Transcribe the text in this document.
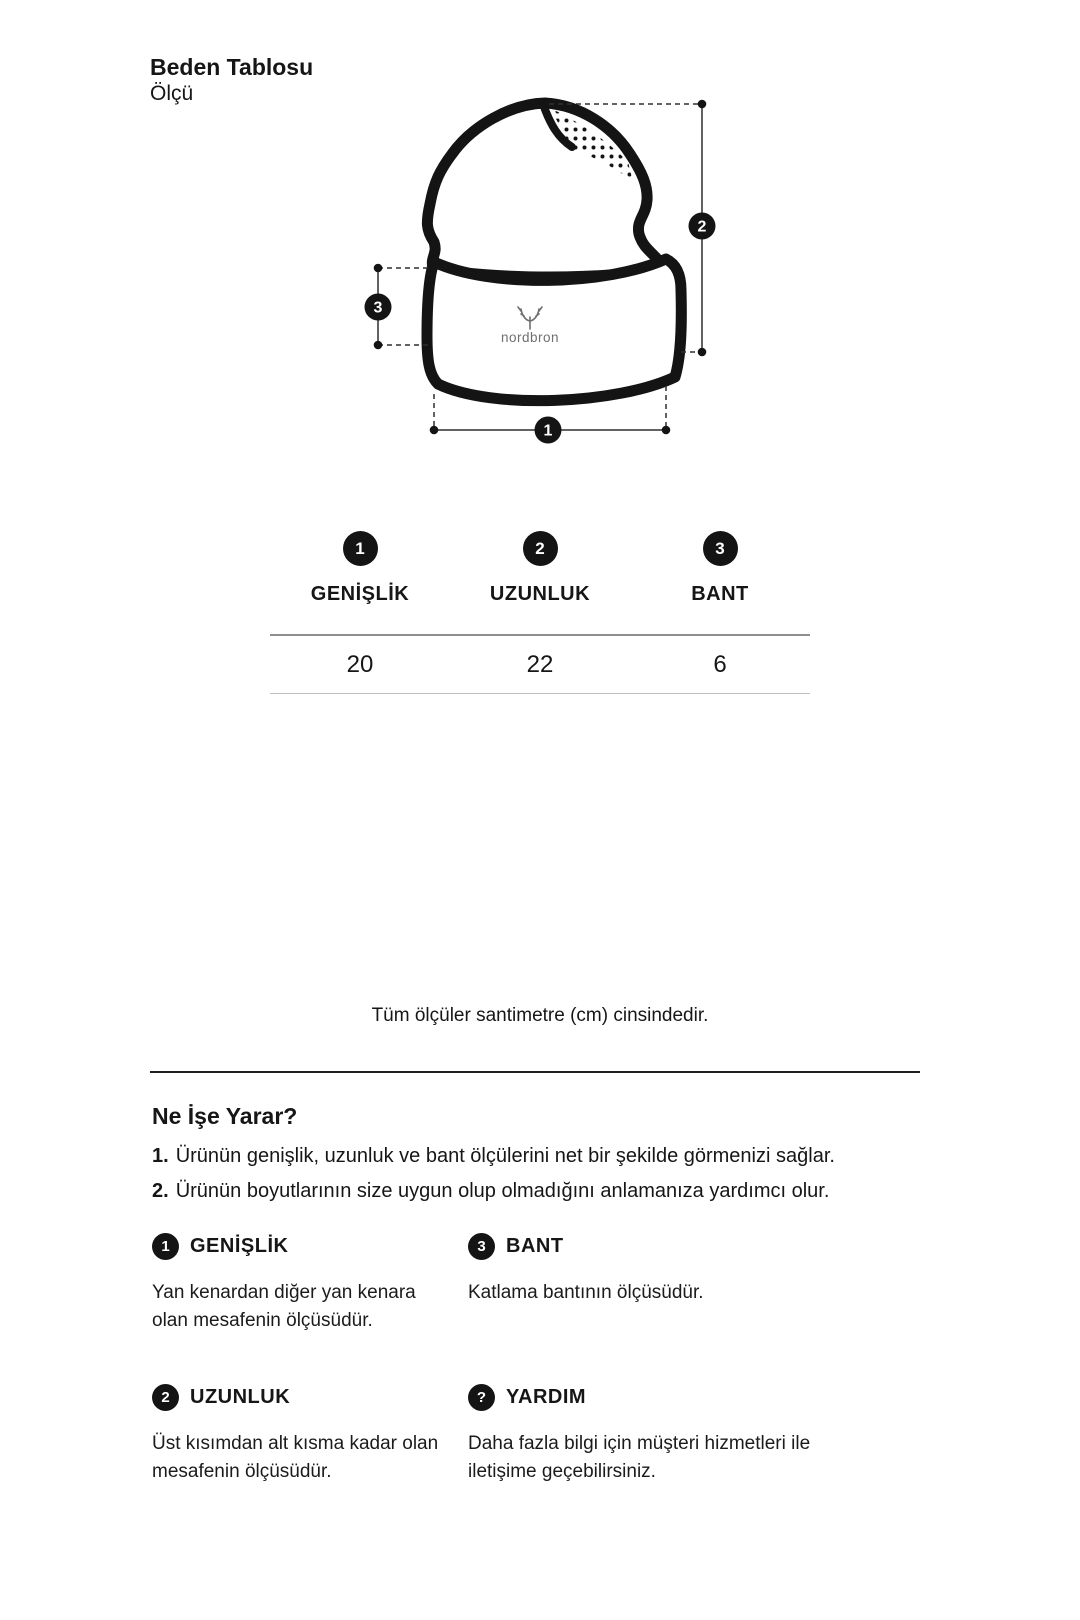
Beden Tablosu
Ölçü
nordbron
2
3
1
1	2	3
GENİŞLİK	UZUNLUK	BANT
20	22	6
Tüm ölçüler santimetre (cm) cinsindedir.
Ne İşe Yarar?
1. Ürünün genişlik, uzunluk ve bant ölçülerini net bir şekilde görmenizi sağlar.
2. Ürünün boyutlarının size uygun olup olmadığını anlamanıza yardımcı olur.
1	GENİŞLİK

Yan kenardan diğer yan kenara olan mesafenin ölçüsüdür.

3	BANT

Katlama bantının ölçüsüdür.

2	UZUNLUK

Üst kısımdan alt kısma kadar olan mesafenin ölçüsüdür.

? YARDIM

Daha fazla bilgi için müşteri hizmetleri ile iletişime geçebilirsiniz.
